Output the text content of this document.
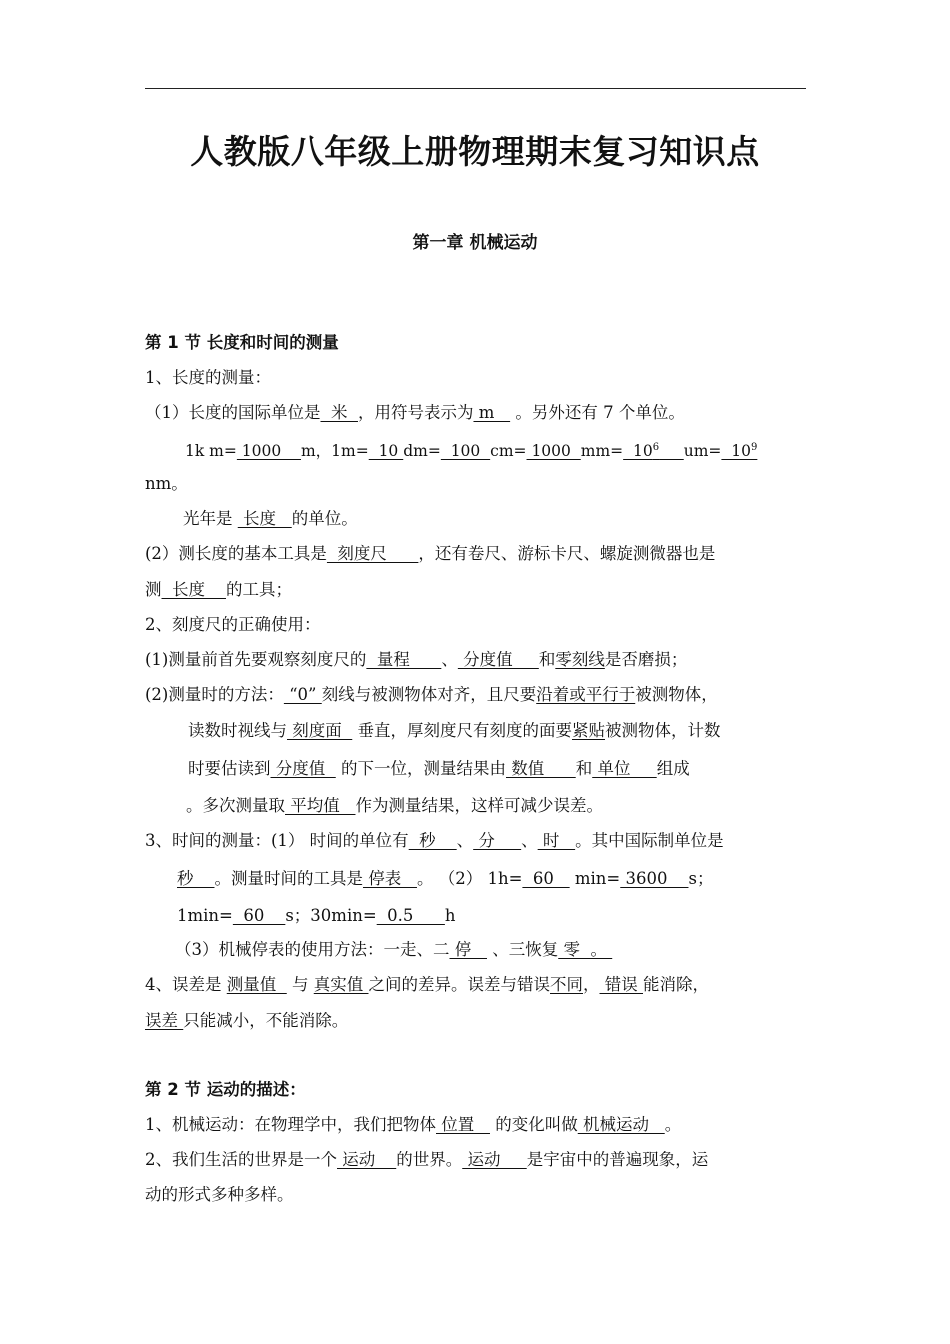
人教版八年级上册物理期末复习知识点
第一章 机械运动
第 1 节 长度和时间的测量
1、长度的测量：
（1）长度的国际单位是  米  ，用符号表示为 m    。另外还有 7 个单位。
1k m= 1000    m，1m=  10 dm=  100  cm= 1000  $mm= 10^6$ $um= 10^9$
nm。
光年是  长度   的单位。
(2）测长度的基本工具是  刻度尺      ，还有卷尺、游标卡尺、螺旋测微器也是
测  长度    的工具；
2、刻度尺的正确使用：
(1)测量前首先要观察刻度尺的  量程      、 分度值     和零刻线是否磨损；
(2)测量时的方法： “0” 刻线与被测物体对齐，且尺要沿着或平行于被测物体，
读数时视线与 刻度面   垂直，厚刻度尺有刻度的面要紧贴被测物体，计数
时要估读到 分度值   的下一位，测量结果由 数值      和 单位     组成
。多次测量取 平均值   作为测量结果，这样可减少误差。
3、时间的测量：(1） 时间的单位有  秒    、 分     、 时   。其中国际制单位是
秒    。测量时间的工具是 停表   。 （2） 1h=  60    min= 3600    s；
1min=  60    s；30min=  0.5      h
（3）机械停表的使用方法：一走、二 停    、三恢复 零  。
4、误差是 测量值   与 真实值 之间的差异。误差与错误不同， 错误 能消除，
误差 只能减小，不能消除。
第 2 节 运动的描述：
1、机械运动：在物理学中，我们把物体 位置    的变化叫做 机械运动   。
2、我们生活的世界是一个 运动    的世界。 运动     是宇宙中的普遍现象，运
动的形式多种多样。
